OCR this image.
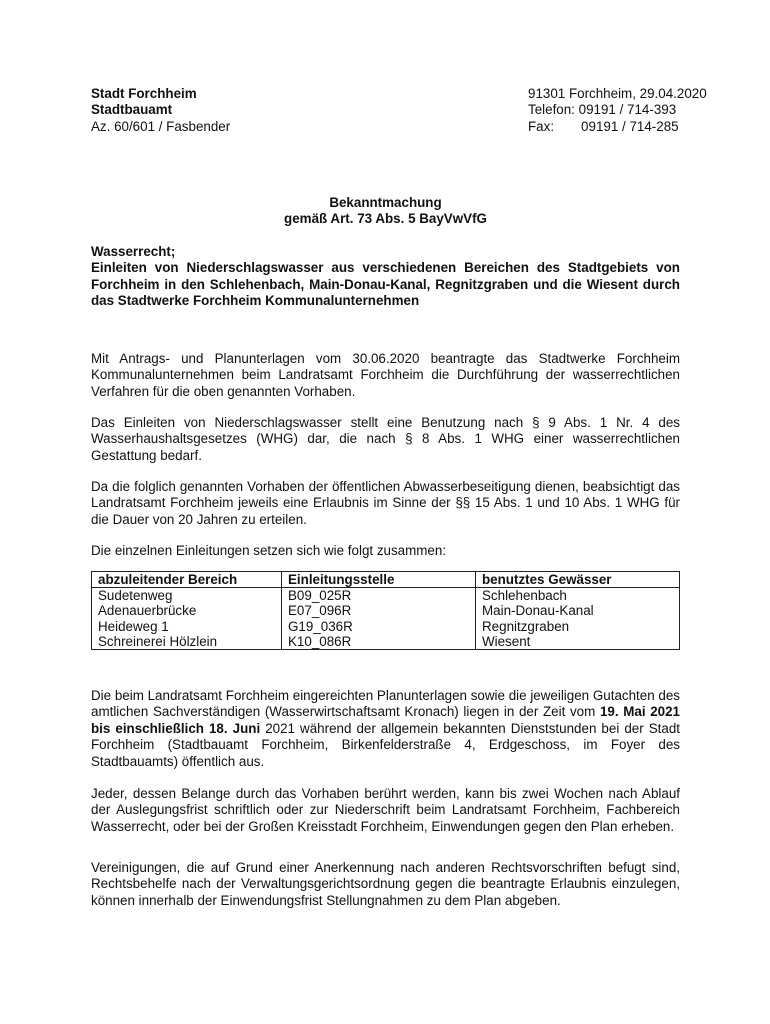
Stadt Forchheim
Stadtbauamt
Az. 60/601 / Fasbender
91301 Forchheim, 29.04.2020
Telefon: 09191 / 714-393
Fax: 09191 / 714-285
Bekanntmachung
gemäß Art. 73 Abs. 5 BayVwVfG
Wasserrecht;
Einleiten von Niederschlagswasser aus verschiedenen Bereichen des Stadtgebiets von Forchheim in den Schlehenbach, Main-Donau-Kanal, Regnitzgraben und die Wiesent durch das Stadtwerke Forchheim Kommunalunternehmen
Mit Antrags- und Planunterlagen vom 30.06.2020 beantragte das Stadtwerke Forchheim Kommunalunternehmen beim Landratsamt Forchheim die Durchführung der wasserrechtlichen Verfahren für die oben genannten Vorhaben.
Das Einleiten von Niederschlagswasser stellt eine Benutzung nach § 9 Abs. 1 Nr. 4 des Wasserhaushaltsgesetzes (WHG) dar, die nach § 8 Abs. 1 WHG einer wasserrechtlichen Gestattung bedarf.
Da die folglich genannten Vorhaben der öffentlichen Abwasserbeseitigung dienen, beabsichtigt das Landratsamt Forchheim jeweils eine Erlaubnis im Sinne der §§ 15 Abs. 1 und 10 Abs. 1 WHG für die Dauer von 20 Jahren zu erteilen.
Die einzelnen Einleitungen setzen sich wie folgt zusammen:
abzuleitender Bereich	Einleitungsstelle	benutztes Gewässer
Sudetenweg	B09_025R	Schlehenbach
Adenauerbrücke	E07_096R	Main-Donau-Kanal
Heideweg 1	G19_036R	Regnitzgraben
Schreinerei Hölzlein	K10_086R	Wiesent
Die beim Landratsamt Forchheim eingereichten Planunterlagen sowie die jeweiligen Gutachten des amtlichen Sachverständigen (Wasserwirtschaftsamt Kronach) liegen in der Zeit vom 19. Mai 2021 bis einschließlich 18. Juni 2021 während der allgemein bekannten Dienststunden bei der Stadt Forchheim (Stadtbauamt Forchheim, Birkenfelderstraße 4, Erdgeschoss, im Foyer des Stadtbauamts) öffentlich aus.
Jeder, dessen Belange durch das Vorhaben berührt werden, kann bis zwei Wochen nach Ablauf der Auslegungsfrist schriftlich oder zur Niederschrift beim Landratsamt Forchheim, Fachbereich Wasserrecht, oder bei der Großen Kreisstadt Forchheim, Einwendungen gegen den Plan erheben.
Vereinigungen, die auf Grund einer Anerkennung nach anderen Rechtsvorschriften befugt sind, Rechtsbehelfe nach der Verwaltungsgerichtsordnung gegen die beantragte Erlaubnis einzulegen, können innerhalb der Einwendungsfrist Stellungnahmen zu dem Plan abgeben.
